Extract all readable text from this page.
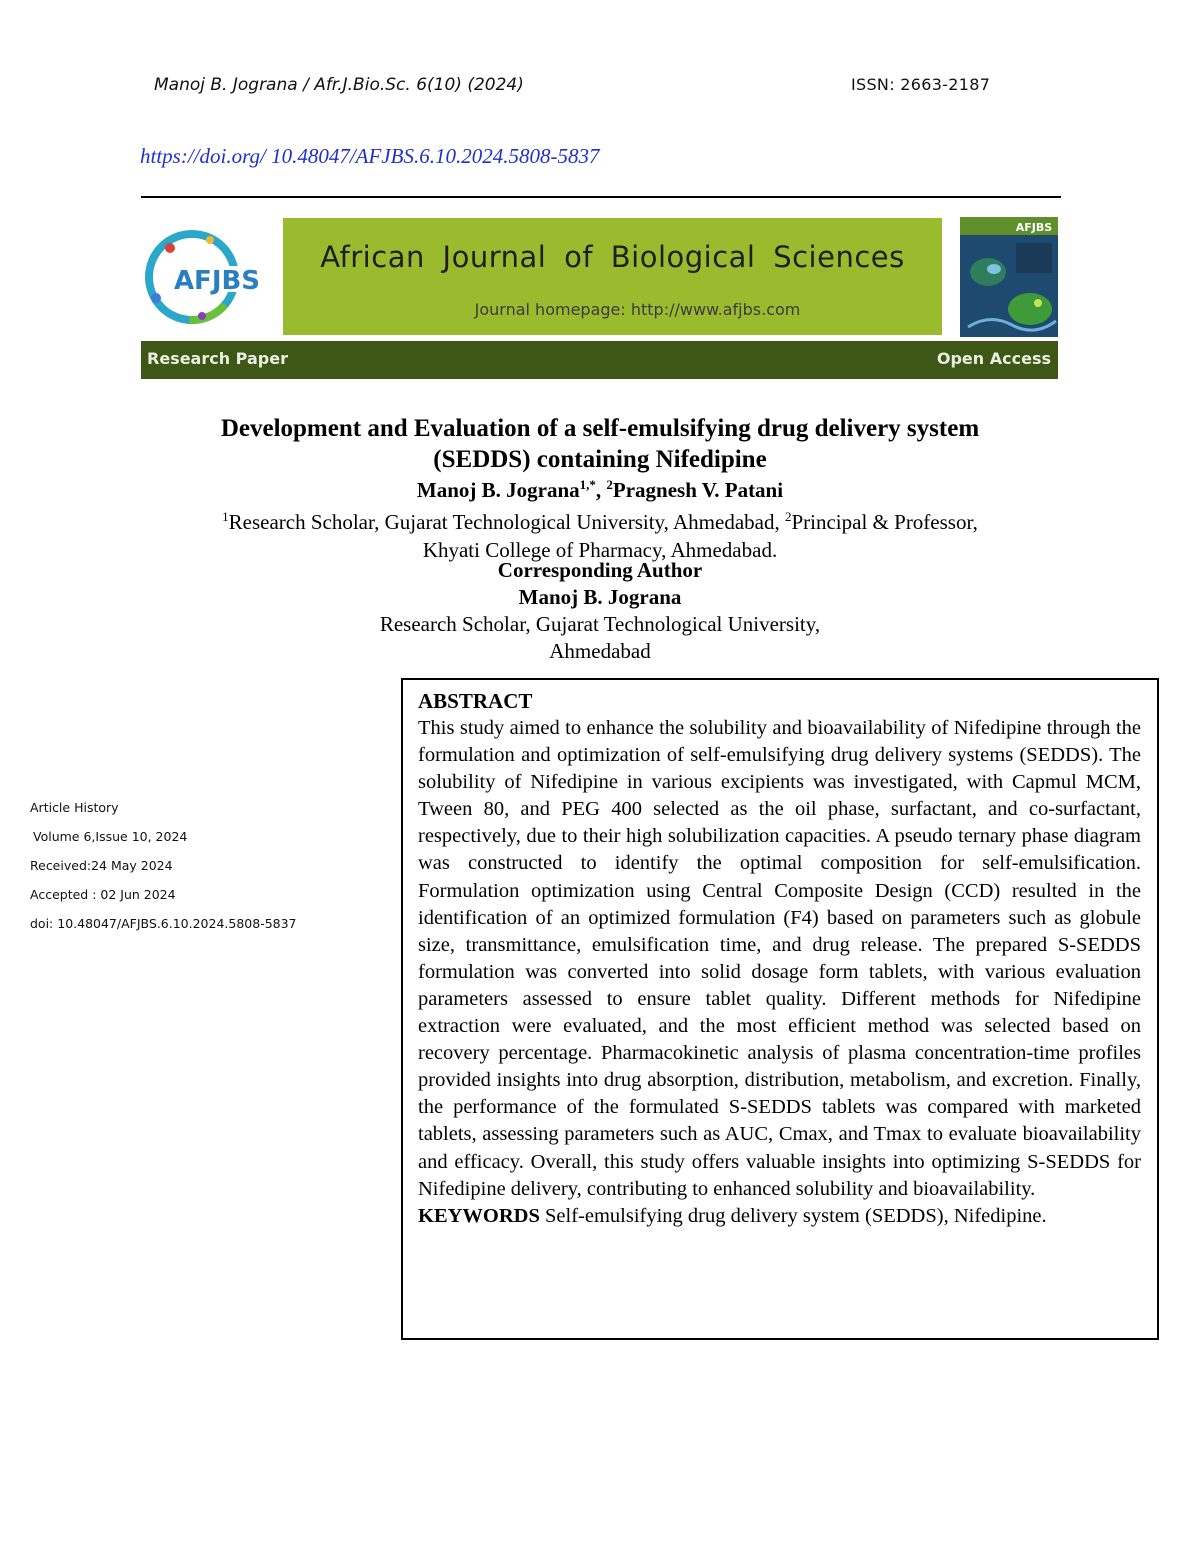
Manoj B. Jograna / Afr.J.Bio.Sc. 6(10) (2024)	ISSN: 2663-2187
https://doi.org/ 10.48047/AFJBS.6.10.2024.5808-5837
AFJBS
African Journal of Biological Sciences
Journal homepage: http://www.afjbs.com
AFJBS
Research Paper	Open Access
Development and Evaluation of a self-emulsifying drug delivery system
(SEDDS) containing Nifedipine
Manoj B. Jograna$^{1,*}$, $^2$Pragnesh V. Patani
$^1$Research Scholar, Gujarat Technological University, Ahmedabad, $^2$Principal & Professor,
Khyati College of Pharmacy, Ahmedabad.
Corresponding Author
Manoj B. Jograna
Research Scholar, Gujarat Technological University,
Ahmedabad
Article History
Volume 6,Issue 10, 2024
Received:24 May 2024
Accepted : 02 Jun 2024
doi: 10.48047/AFJBS.6.10.2024.5808-5837
ABSTRACT

This study aimed to enhance the solubility and bioavailability of Nifedipine through the formulation and optimization of self-emulsifying drug delivery systems (SEDDS). The solubility of Nifedipine in various excipients was investigated, with Capmul MCM, Tween 80, and PEG 400 selected as the oil phase, surfactant, and co-surfactant, respectively, due to their high solubilization capacities. A pseudo ternary phase diagram was constructed to identify the optimal composition for self-emulsification. Formulation optimization using Central Composite Design (CCD) resulted in the identification of an optimized formulation (F4) based on parameters such as globule size, transmittance, emulsification time, and drug release. The prepared S-SEDDS formulation was converted into solid dosage form tablets, with various evaluation parameters assessed to ensure tablet quality. Different methods for Nifedipine extraction were evaluated, and the most efficient method was selected based on recovery percentage. Pharmacokinetic analysis of plasma concentration-time profiles provided insights into drug absorption, distribution, metabolism, and excretion. Finally, the performance of the formulated S-SEDDS tablets was compared with marketed tablets, assessing parameters such as AUC, Cmax, and Tmax to evaluate bioavailability and efficacy. Overall, this study offers valuable insights into optimizing S-SEDDS for Nifedipine delivery, contributing to enhanced solubility and bioavailability.

KEYWORDS Self-emulsifying drug delivery system (SEDDS), Nifedipine.
